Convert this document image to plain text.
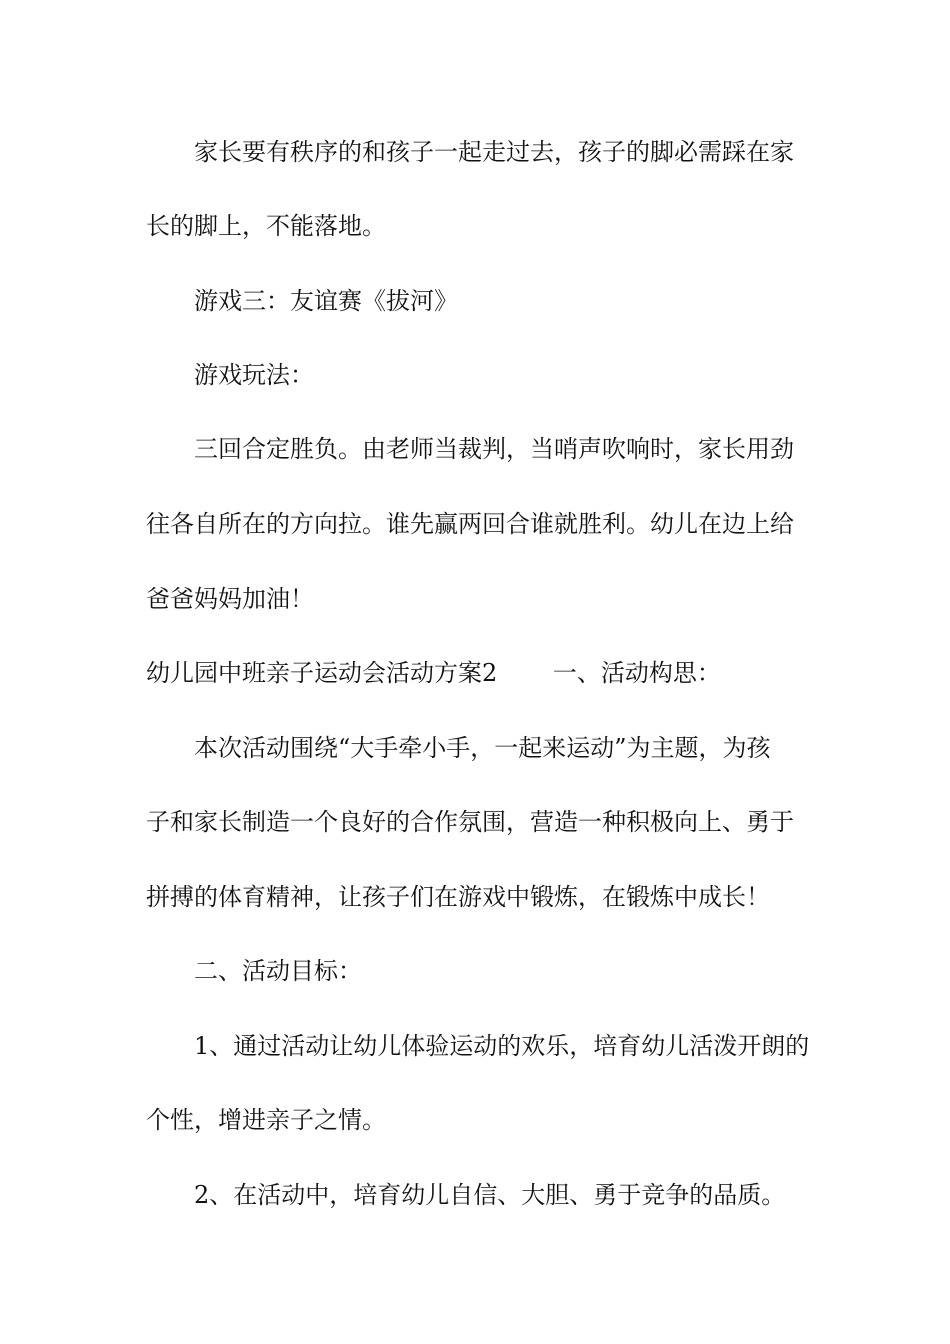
家长要有秩序的和孩子一起走过去，孩子的脚必需踩在家
长的脚上，不能落地。
游戏三：友谊赛《拔河》
游戏玩法：
三回合定胜负。由老师当裁判，当哨声吹响时，家长用劲
往各自所在的方向拉。谁先赢两回合谁就胜利。幼儿在边上给
爸爸妈妈加油！
幼儿园中班亲子运动会活动方案2　　 一、活动构思：
本次活动围绕“大手牵小手，一起来运动”为主题，为孩
子和家长制造一个良好的合作氛围，营造一种积极向上、勇于
拼搏的体育精神，让孩子们在游戏中锻炼，在锻炼中成长！
二、活动目标：
1、通过活动让幼儿体验运动的欢乐，培育幼儿活泼开朗的
个性，增进亲子之情。
2、在活动中，培育幼儿自信、大胆、勇于竞争的品质。
